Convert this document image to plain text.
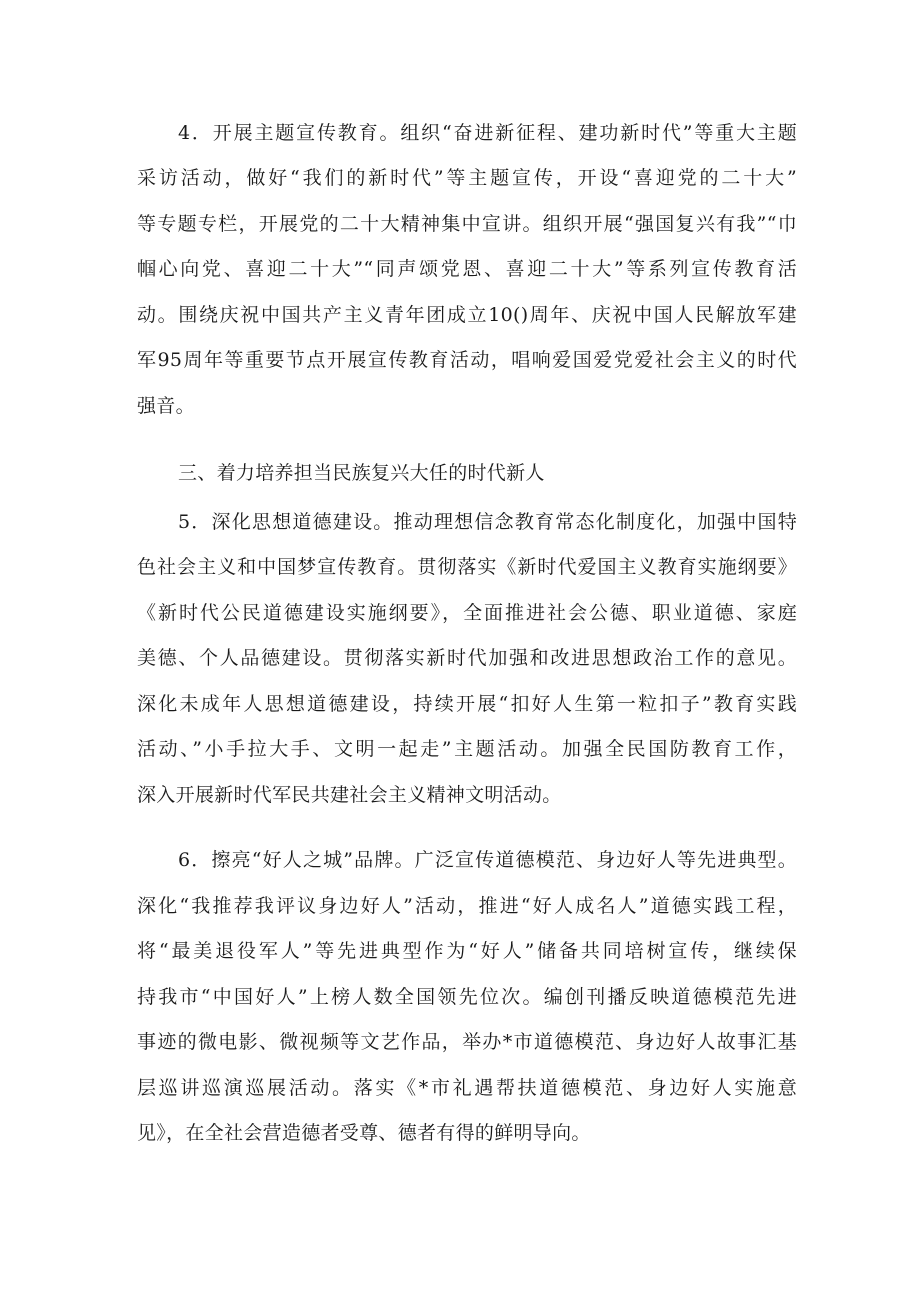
4．开展主题宣传教育。组织“奋进新征程、建功新时代”等重大主题
采访活动，做好“我们的新时代”等主题宣传，开设“喜迎党的二十大”
等专题专栏，开展党的二十大精神集中宣讲。组织开展“强国复兴有我”“巾
帼心向党、喜迎二十大”“同声颂党恩、喜迎二十大”等系列宣传教育活
动。围绕庆祝中国共产主义青年团成立10()周年、庆祝中国人民解放军建
军95周年等重要节点开展宣传教育活动，唱响爱国爱党爱社会主义的时代
强音。
三、着力培养担当民族复兴大任的时代新人
5．深化思想道德建设。推动理想信念教育常态化制度化，加强中国特
色社会主义和中国梦宣传教育。贯彻落实《新时代爱国主义教育实施纲要》
《新时代公民道德建设实施纲要》，全面推进社会公德、职业道德、家庭
美德、个人品德建设。贯彻落实新时代加强和改进思想政治工作的意见。
深化未成年人思想道德建设，持续开展“扣好人生第一粒扣子”教育实践
活动、”小手拉大手、文明一起走”主题活动。加强全民国防教育工作，
深入开展新时代军民共建社会主义精神文明活动。
6．擦亮“好人之城”品牌。广泛宣传道德模范、身边好人等先进典型。
深化“我推荐我评议身边好人”活动，推进“好人成名人”道德实践工程，
将“最美退役军人”等先进典型作为“好人”储备共同培树宣传，继续保
持我市“中国好人”上榜人数全国领先位次。编创刊播反映道德模范先进
事迹的微电影、微视频等文艺作品，举办*市道德模范、身边好人故事汇基
层巡讲巡演巡展活动。落实《*市礼遇帮扶道德模范、身边好人实施意
见》，在全社会营造德者受尊、德者有得的鲜明导向。
